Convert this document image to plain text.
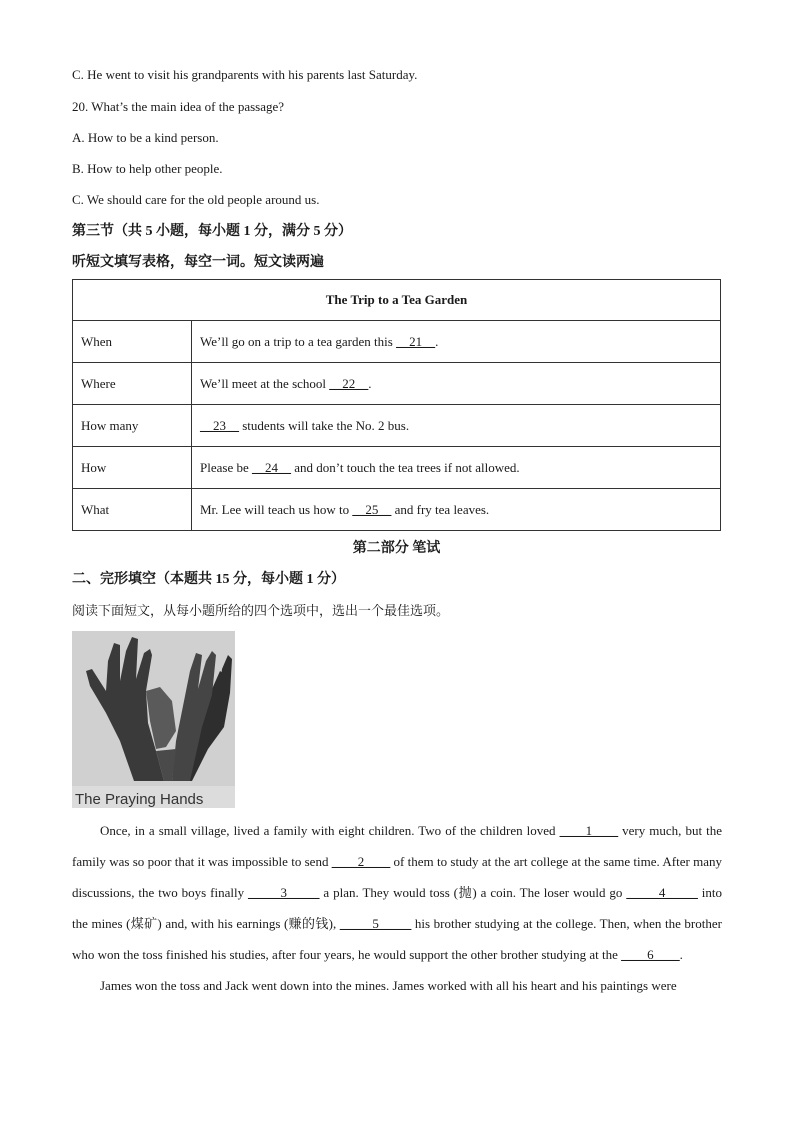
C. He went to visit his grandparents with his parents last Saturday.
20. What’s the main idea of the passage?
A. How to be a kind person.
B. How to help other people.
C. We should care for the old people around us.
第三节（共 5 小题，每小题 1 分，满分 5 分）
听短文填写表格，每空一词。短文读两遍
The Trip to a Tea Garden	
When	We’ll go on a trip to a tea garden this __21__.
Where	We’ll meet at the school __22__.
How many	__23__ students will take the No. 2 bus.
How	Please be __24__ and don’t touch the tea trees if not allowed.
What	Mr. Lee will teach us how to __25__ and fry tea leaves.
第二部分 笔试
二、完形填空（本题共 15 分，每小题 1 分）
阅读下面短文，从每小题所给的四个选项中，选出一个最佳选项。
The Praying Hands

Once, in a small village, lived a family with eight children. Two of the children loved ____1____ very much, but the family was so poor that it was impossible to send ____2____ of them to study at the art college at the same time. After many discussions, the two boys finally _____3_____ a plan. They would toss (抛) a coin. The loser would go _____4_____ into the mines (煤矿) and, with his earnings (赚的钱), _____5_____ his brother studying at the college. Then, when the brother who won the toss finished his studies, after four years, he would support the other brother studying at the ____6____.

James won the toss and Jack went down into the mines. James worked with all his heart and his paintings were
